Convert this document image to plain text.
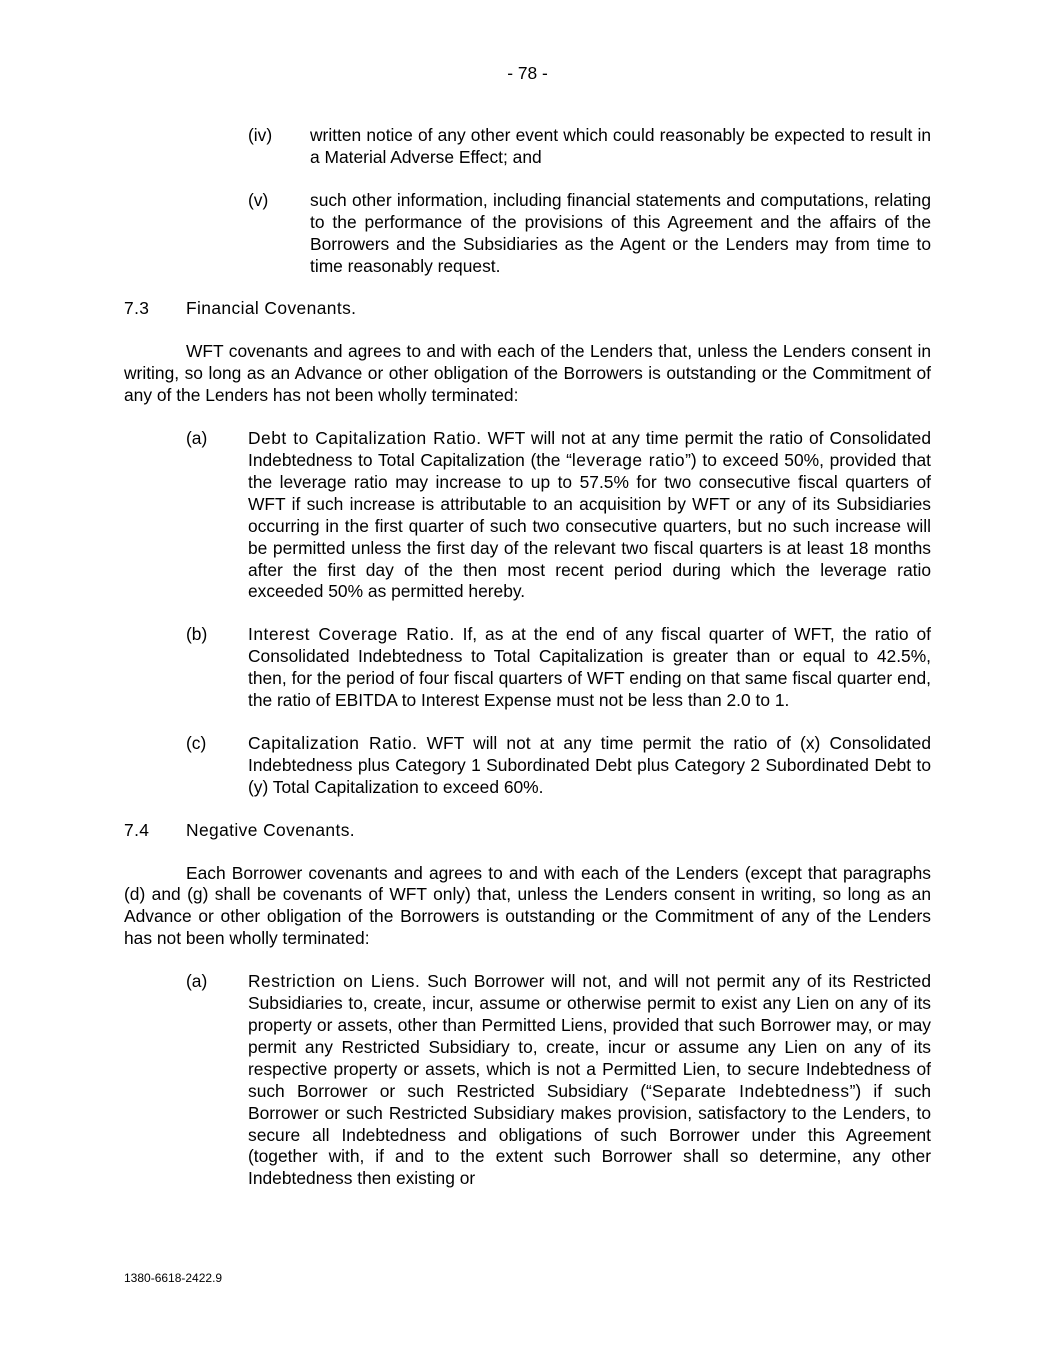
- 78 -
(iv) written notice of any other event which could reasonably be expected to result in a Material Adverse Effect; and
(v) such other information, including financial statements and computations, relating to the performance of the provisions of this Agreement and the affairs of the Borrowers and the Subsidiaries as the Agent or the Lenders may from time to time reasonably request.
7.3 Financial Covenants.
WFT covenants and agrees to and with each of the Lenders that, unless the Lenders consent in writing, so long as an Advance or other obligation of the Borrowers is outstanding or the Commitment of any of the Lenders has not been wholly terminated:
(a) Debt to Capitalization Ratio. WFT will not at any time permit the ratio of Consolidated Indebtedness to Total Capitalization (the “leverage ratio”) to exceed 50%, provided that the leverage ratio may increase to up to 57.5% for two consecutive fiscal quarters of WFT if such increase is attributable to an acquisition by WFT or any of its Subsidiaries occurring in the first quarter of such two consecutive quarters, but no such increase will be permitted unless the first day of the relevant two fiscal quarters is at least 18 months after the first day of the then most recent period during which the leverage ratio exceeded 50% as permitted hereby.
(b) Interest Coverage Ratio. If, as at the end of any fiscal quarter of WFT, the ratio of Consolidated Indebtedness to Total Capitalization is greater than or equal to 42.5%, then, for the period of four fiscal quarters of WFT ending on that same fiscal quarter end, the ratio of EBITDA to Interest Expense must not be less than 2.0 to 1.
(c) Capitalization Ratio. WFT will not at any time permit the ratio of (x) Consolidated Indebtedness plus Category 1 Subordinated Debt plus Category 2 Subordinated Debt to (y) Total Capitalization to exceed 60%.
7.4 Negative Covenants.
Each Borrower covenants and agrees to and with each of the Lenders (except that paragraphs (d) and (g) shall be covenants of WFT only) that, unless the Lenders consent in writing, so long as an Advance or other obligation of the Borrowers is outstanding or the Commitment of any of the Lenders has not been wholly terminated:
(a) Restriction on Liens. Such Borrower will not, and will not permit any of its Restricted Subsidiaries to, create, incur, assume or otherwise permit to exist any Lien on any of its property or assets, other than Permitted Liens, provided that such Borrower may, or may permit any Restricted Subsidiary to, create, incur or assume any Lien on any of its respective property or assets, which is not a Permitted Lien, to secure Indebtedness of such Borrower or such Restricted Subsidiary (“Separate Indebtedness”) if such Borrower or such Restricted Subsidiary makes provision, satisfactory to the Lenders, to secure all Indebtedness and obligations of such Borrower under this Agreement (together with, if and to the extent such Borrower shall so determine, any other Indebtedness then existing or
1380-6618-2422.9
